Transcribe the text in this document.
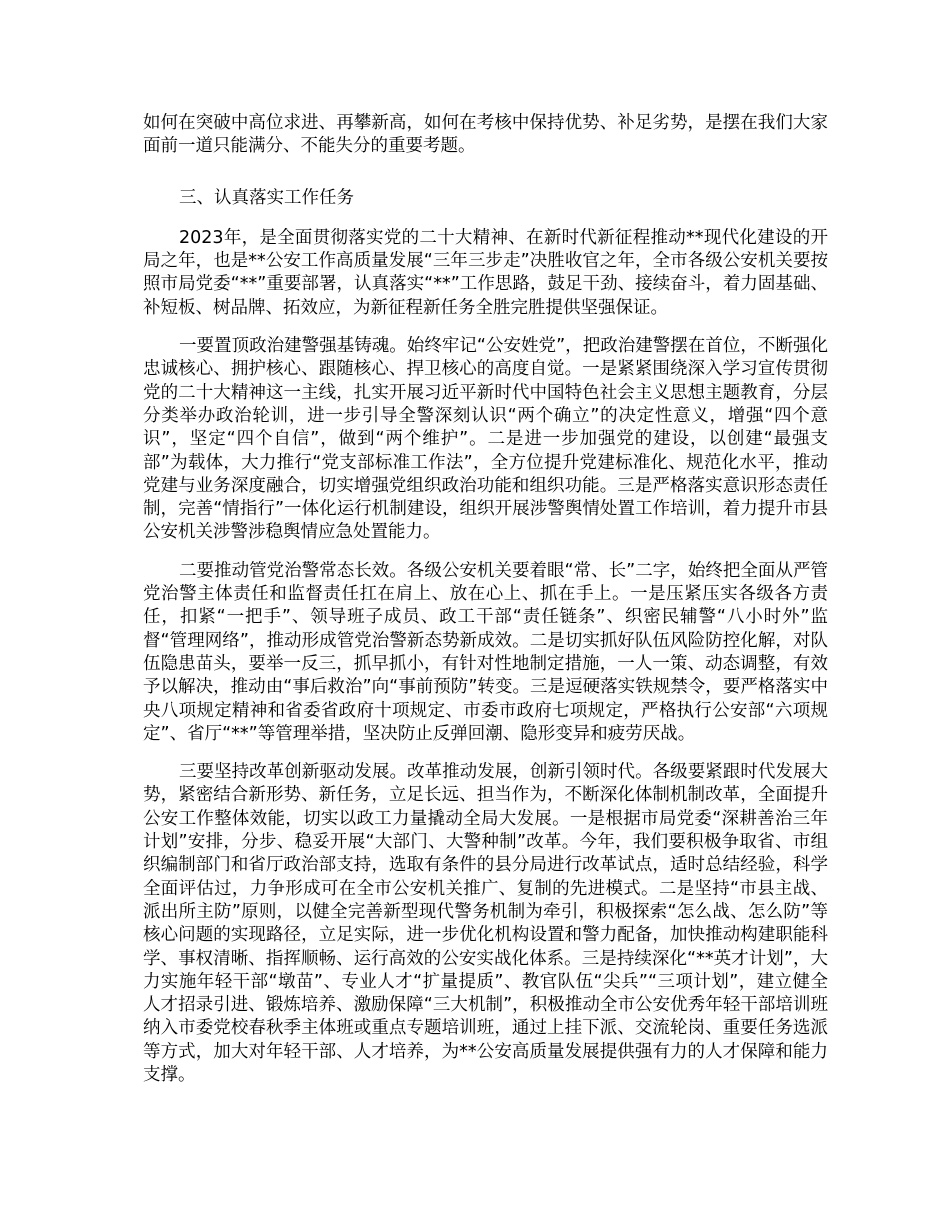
如何在突破中高位求进、再攀新高，如何在考核中保持优势、补足劣势，是摆在我们大家面前一道只能满分、不能失分的重要考题。

三、认真落实工作任务

2023年，是全面贯彻落实党的二十大精神、在新时代新征程推动**现代化建设的开局之年，也是**公安工作高质量发展“三年三步走”决胜收官之年，全市各级公安机关要按照市局党委“**”重要部署，认真落实“**”工作思路，鼓足干劲、接续奋斗，着力固基础、补短板、树品牌、拓效应，为新征程新任务全胜完胜提供坚强保证。

一要置顶政治建警强基铸魂。始终牢记“公安姓党”，把政治建警摆在首位，不断强化忠诚核心、拥护核心、跟随核心、捍卫核心的高度自觉。一是紧紧围绕深入学习宣传贯彻党的二十大精神这一主线，扎实开展习近平新时代中国特色社会主义思想主题教育，分层分类举办政治轮训，进一步引导全警深刻认识“两个确立”的决定性意义，增强“四个意识”，坚定“四个自信”，做到“两个维护”。二是进一步加强党的建设，以创建“最强支部”为载体，大力推行“党支部标准工作法”，全方位提升党建标准化、规范化水平，推动党建与业务深度融合，切实增强党组织政治功能和组织功能。三是严格落实意识形态责任制，完善“情指行”一体化运行机制建设，组织开展涉警舆情处置工作培训，着力提升市县公安机关涉警涉稳舆情应急处置能力。

二要推动管党治警常态长效。各级公安机关要着眼“常、长”二字，始终把全面从严管党治警主体责任和监督责任扛在肩上、放在心上、抓在手上。一是压紧压实各级各方责任，扣紧“一把手”、领导班子成员、政工干部“责任链条”、织密民辅警“八小时外”监督“管理网络”，推动形成管党治警新态势新成效。二是切实抓好队伍风险防控化解，对队伍隐患苗头，要举一反三，抓早抓小，有针对性地制定措施，一人一策、动态调整，有效予以解决，推动由“事后救治”向“事前预防”转变。三是逗硬落实铁规禁令，要严格落实中央八项规定精神和省委省政府十项规定、市委市政府七项规定，严格执行公安部“六项规定”、省厅“**”等管理举措，坚决防止反弹回潮、隐形变异和疲劳厌战。

三要坚持改革创新驱动发展。改革推动发展，创新引领时代。各级要紧跟时代发展大势，紧密结合新形势、新任务，立足长远、担当作为，不断深化体制机制改革，全面提升公安工作整体效能，切实以政工力量撬动全局大发展。一是根据市局党委“深耕善治三年计划”安排，分步、稳妥开展“大部门、大警种制”改革。今年，我们要积极争取省、市组织编制部门和省厅政治部支持，选取有条件的县分局进行改革试点，适时总结经验，科学全面评估过，力争形成可在全市公安机关推广、复制的先进模式。二是坚持“市县主战、派出所主防”原则，以健全完善新型现代警务机制为牵引，积极探索“怎么战、怎么防”等核心问题的实现路径，立足实际，进一步优化机构设置和警力配备，加快推动构建职能科学、事权清晰、指挥顺畅、运行高效的公安实战化体系。三是持续深化“**英才计划”，大力实施年轻干部“墩苗”、专业人才“扩量提质”、教官队伍“尖兵”“三项计划”，建立健全人才招录引进、锻炼培养、激励保障“三大机制”，积极推动全市公安优秀年轻干部培训班纳入市委党校春秋季主体班或重点专题培训班，通过上挂下派、交流轮岗、重要任务选派等方式，加大对年轻干部、人才培养，为**公安高质量发展提供强有力的人才保障和能力支撑。
